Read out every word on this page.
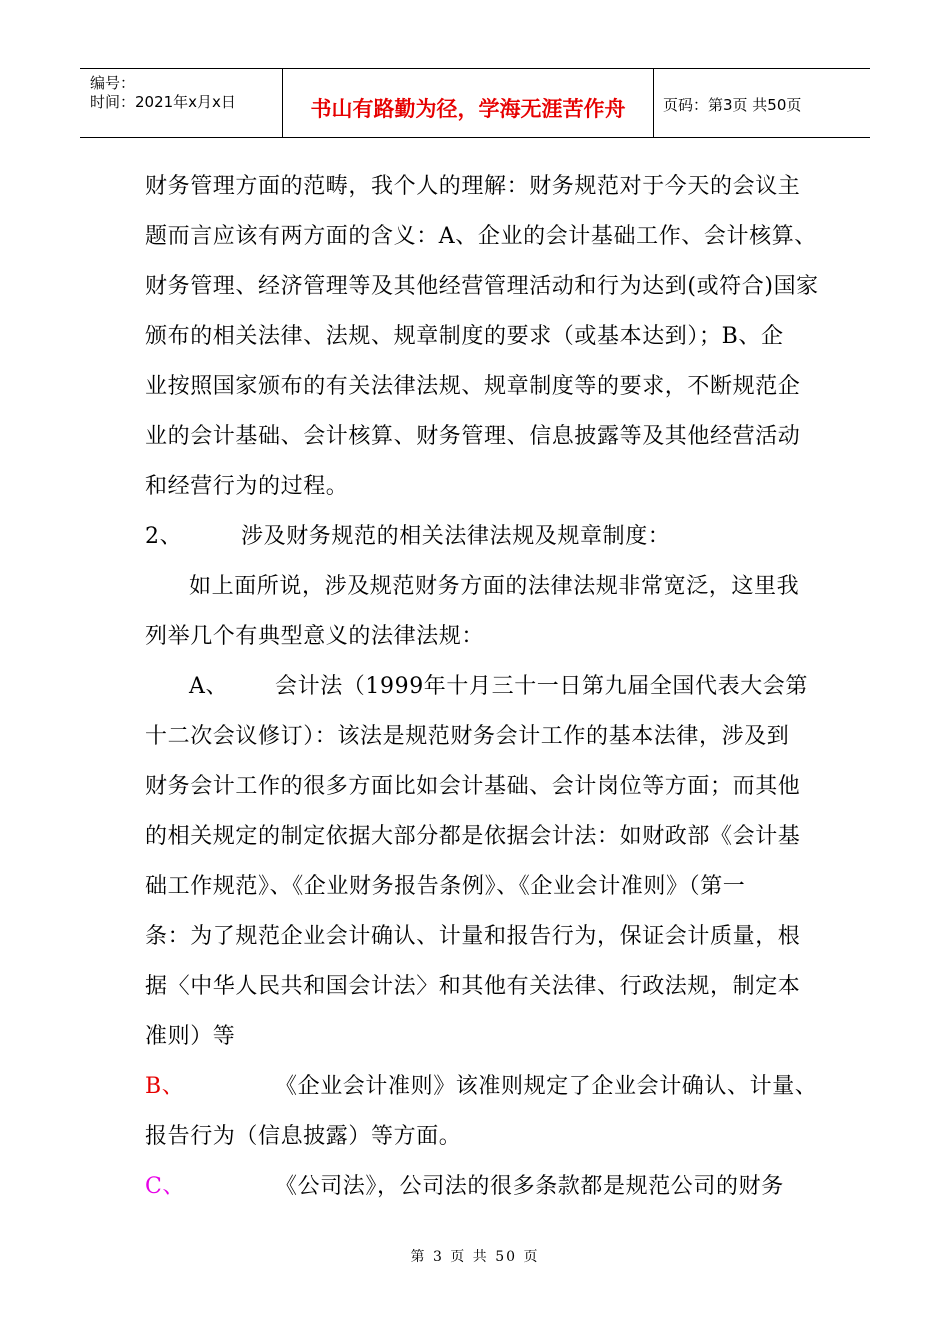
编号：
时间：2021年x月x日	书山有路勤为径，学海无涯苦作舟	页码：第3页 共50页
财务管理方面的范畴，我个人的理解：财务规范对于今天的会议主
题而言应该有两方面的含义：A、企业的会计基础工作、会计核算、
财务管理、经济管理等及其他经营管理活动和行为达到(或符合)国家
颁布的相关法律、法规、规章制度的要求（或基本达到）；B、企
业按照国家颁布的有关法律法规、规章制度等的要求，不断规范企
业的会计基础、会计核算、财务管理、信息披露等及其他经营活动
和经营行为的过程。
2、	涉及财务规范的相关法律法规及规章制度：
如上面所说，涉及规范财务方面的法律法规非常宽泛，这里我
列举几个有典型意义的法律法规：
A、 会计法（1999年十月三十一日第九届全国代表大会第
十二次会议修订）：该法是规范财务会计工作的基本法律，涉及到
财务会计工作的很多方面比如会计基础、会计岗位等方面；而其他
的相关规定的制定依据大部分都是依据会计法：如财政部《会计基
础工作规范》、《企业财务报告条例》、《企业会计准则》（第一
条：为了规范企业会计确认、计量和报告行为，保证会计质量，根
据〈中华人民共和国会计法〉和其他有关法律、行政法规，制定本
准则）等
B、	《企业会计准则》该准则规定了企业会计确认、计量、
报告行为（信息披露）等方面。
C、	《公司法》，公司法的很多条款都是规范公司的财务
第 3 页 共 50 页
